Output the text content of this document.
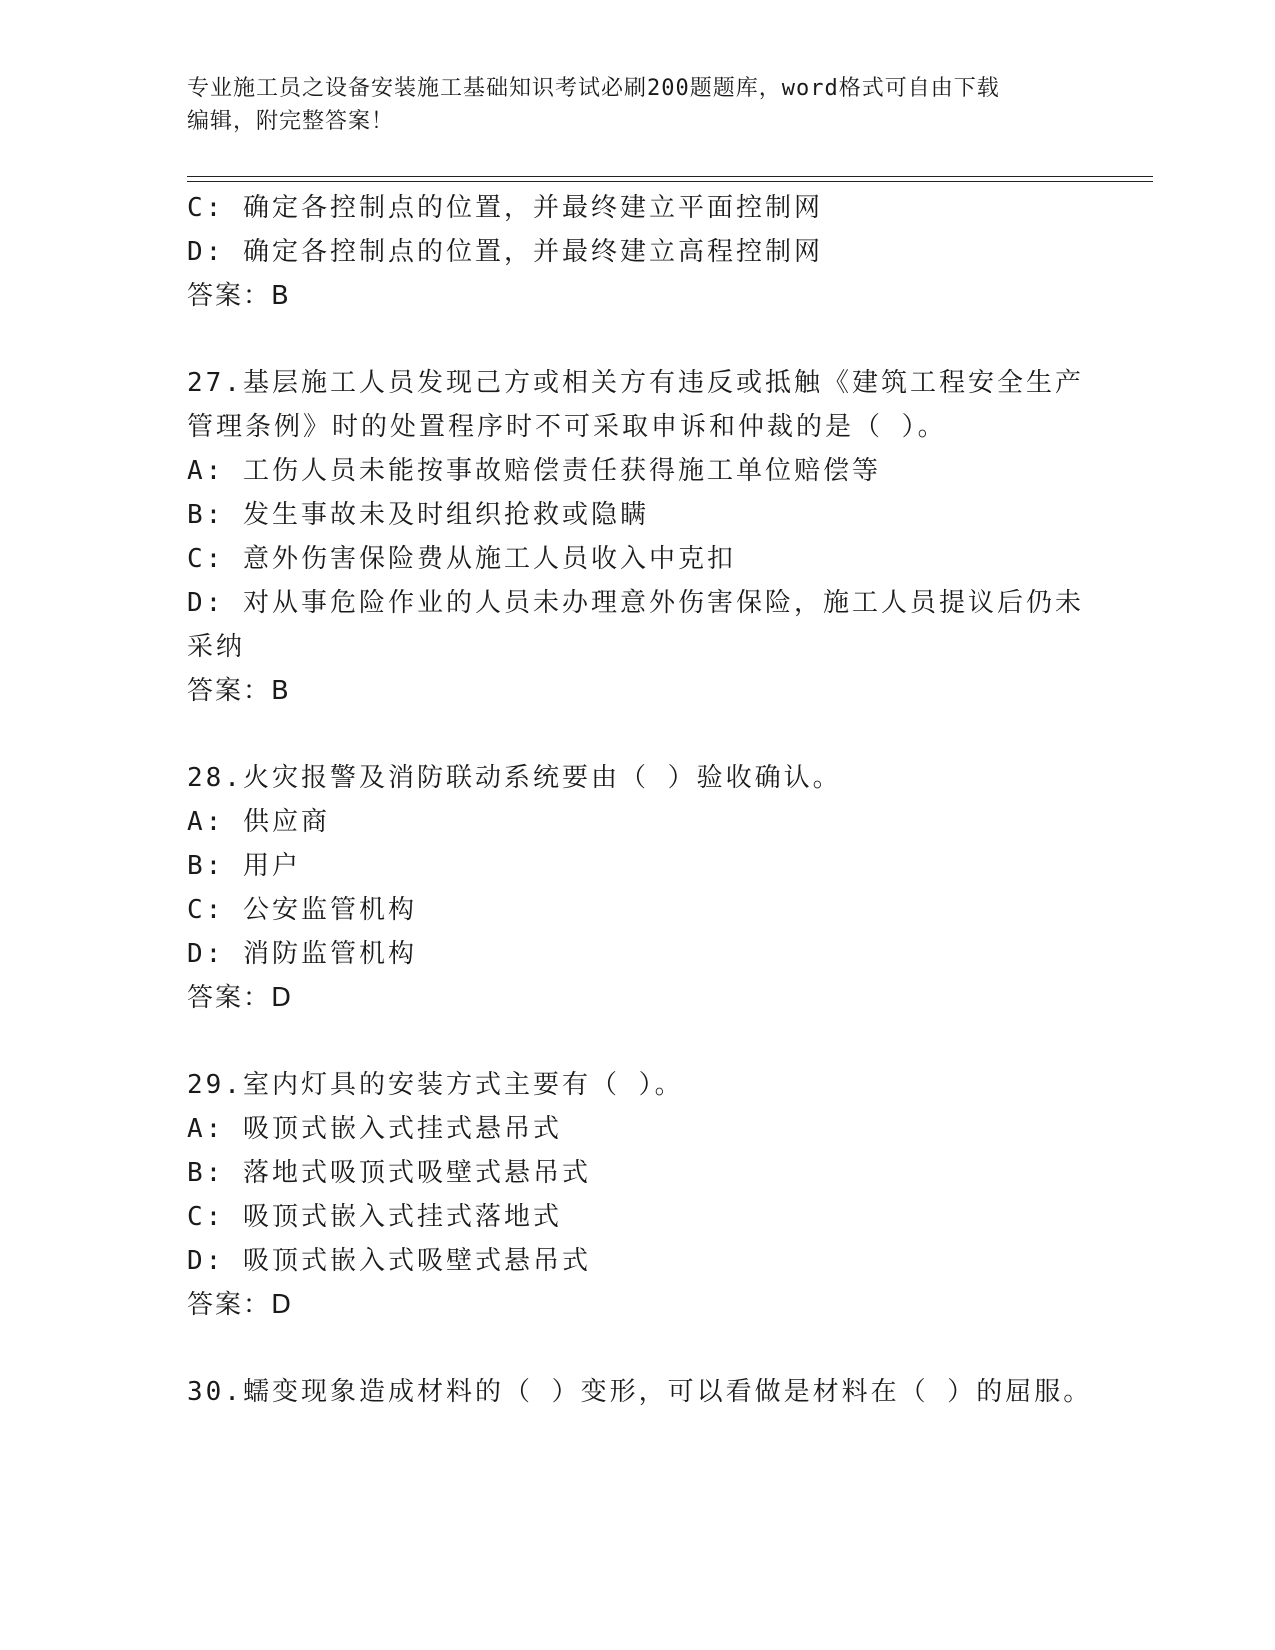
专业施工员之设备安装施工基础知识考试必刷200题题库，word格式可自由下载
编辑，附完整答案！
C: 确定各控制点的位置，并最终建立平面控制网
D: 确定各控制点的位置，并最终建立高程控制网
答案：B
27.基层施工人员发现己方或相关方有违反或抵触《建筑工程安全生产
管理条例》时的处置程序时不可采取申诉和仲裁的是（ ）。
A: 工伤人员未能按事故赔偿责任获得施工单位赔偿等
B: 发生事故未及时组织抢救或隐瞒
C: 意外伤害保险费从施工人员收入中克扣
D: 对从事危险作业的人员未办理意外伤害保险，施工人员提议后仍未
采纳
答案：B
28.火灾报警及消防联动系统要由（ ）验收确认。
A: 供应商
B: 用户
C: 公安监管机构
D: 消防监管机构
答案：D
29.室内灯具的安装方式主要有（ ）。
A: 吸顶式嵌入式挂式悬吊式
B: 落地式吸顶式吸壁式悬吊式
C: 吸顶式嵌入式挂式落地式
D: 吸顶式嵌入式吸壁式悬吊式
答案：D
30.蠕变现象造成材料的（ ）变形，可以看做是材料在（ ）的屈服。
